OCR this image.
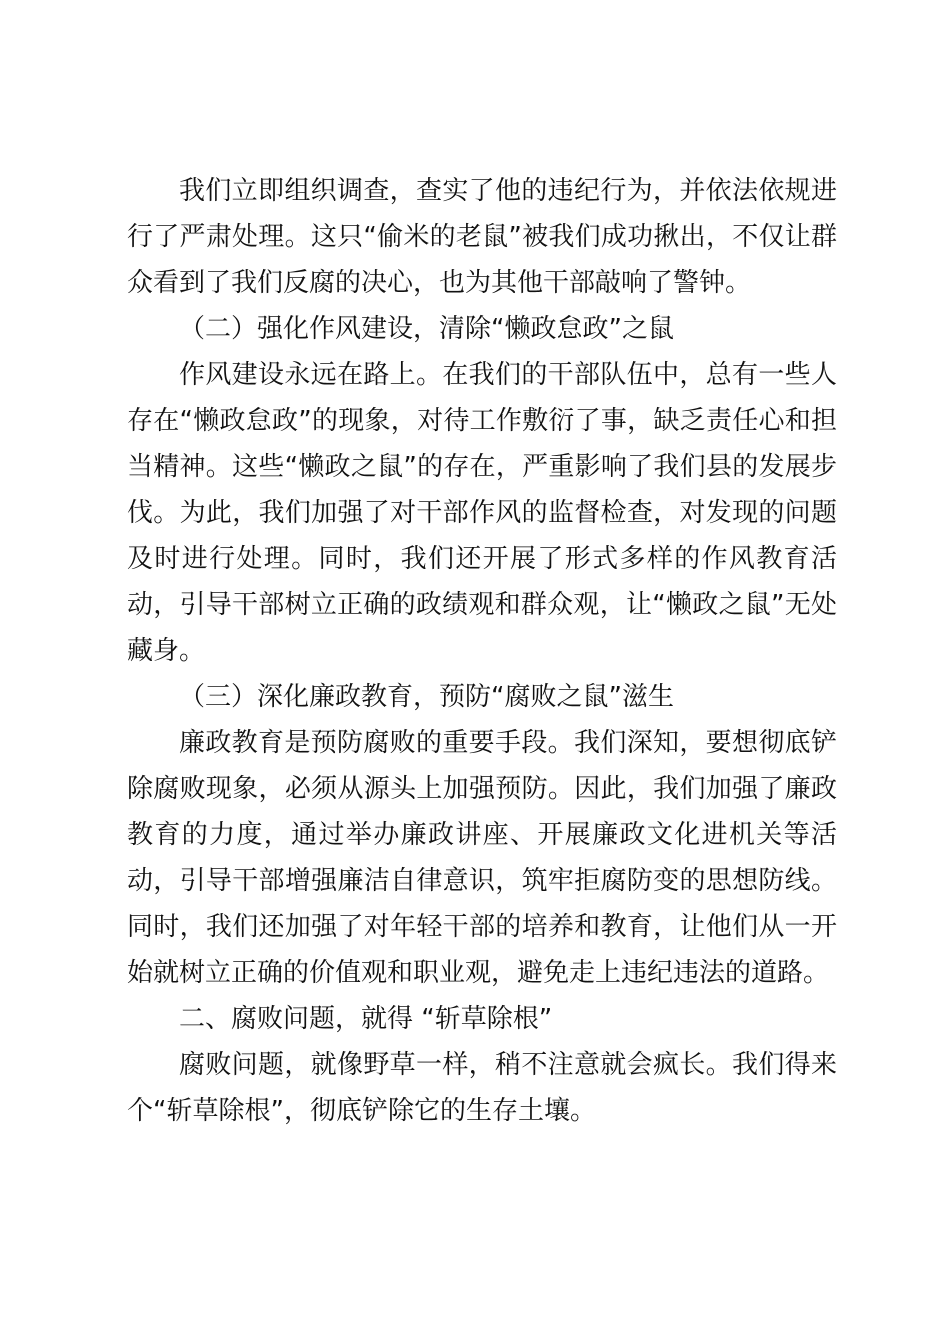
我们立即组织调查，查实了他的违纪行为，并依法依规进行了严肃处理。这只“偷米的老鼠”被我们成功揪出，不仅让群众看到了我们反腐的决心，也为其他干部敲响了警钟。

（二）强化作风建设，清除“懒政怠政”之鼠

作风建设永远在路上。在我们的干部队伍中，总有一些人存在“懒政怠政”的现象，对待工作敷衍了事，缺乏责任心和担当精神。这些“懒政之鼠”的存在，严重影响了我们县的发展步伐。为此，我们加强了对干部作风的监督检查，对发现的问题及时进行处理。同时，我们还开展了形式多样的作风教育活动，引导干部树立正确的政绩观和群众观，让“懒政之鼠”无处藏身。

（三）深化廉政教育，预防“腐败之鼠”滋生

廉政教育是预防腐败的重要手段。我们深知，要想彻底铲除腐败现象，必须从源头上加强预防。因此，我们加强了廉政教育的力度，通过举办廉政讲座、开展廉政文化进机关等活动，引导干部增强廉洁自律意识，筑牢拒腐防变的思想防线。同时，我们还加强了对年轻干部的培养和教育，让他们从一开始就树立正确的价值观和职业观，避免走上违纪违法的道路。

二、腐败问题，就得 “斩草除根”

腐败问题，就像野草一样，稍不注意就会疯长。我们得来个“斩草除根”，彻底铲除它的生存土壤。
